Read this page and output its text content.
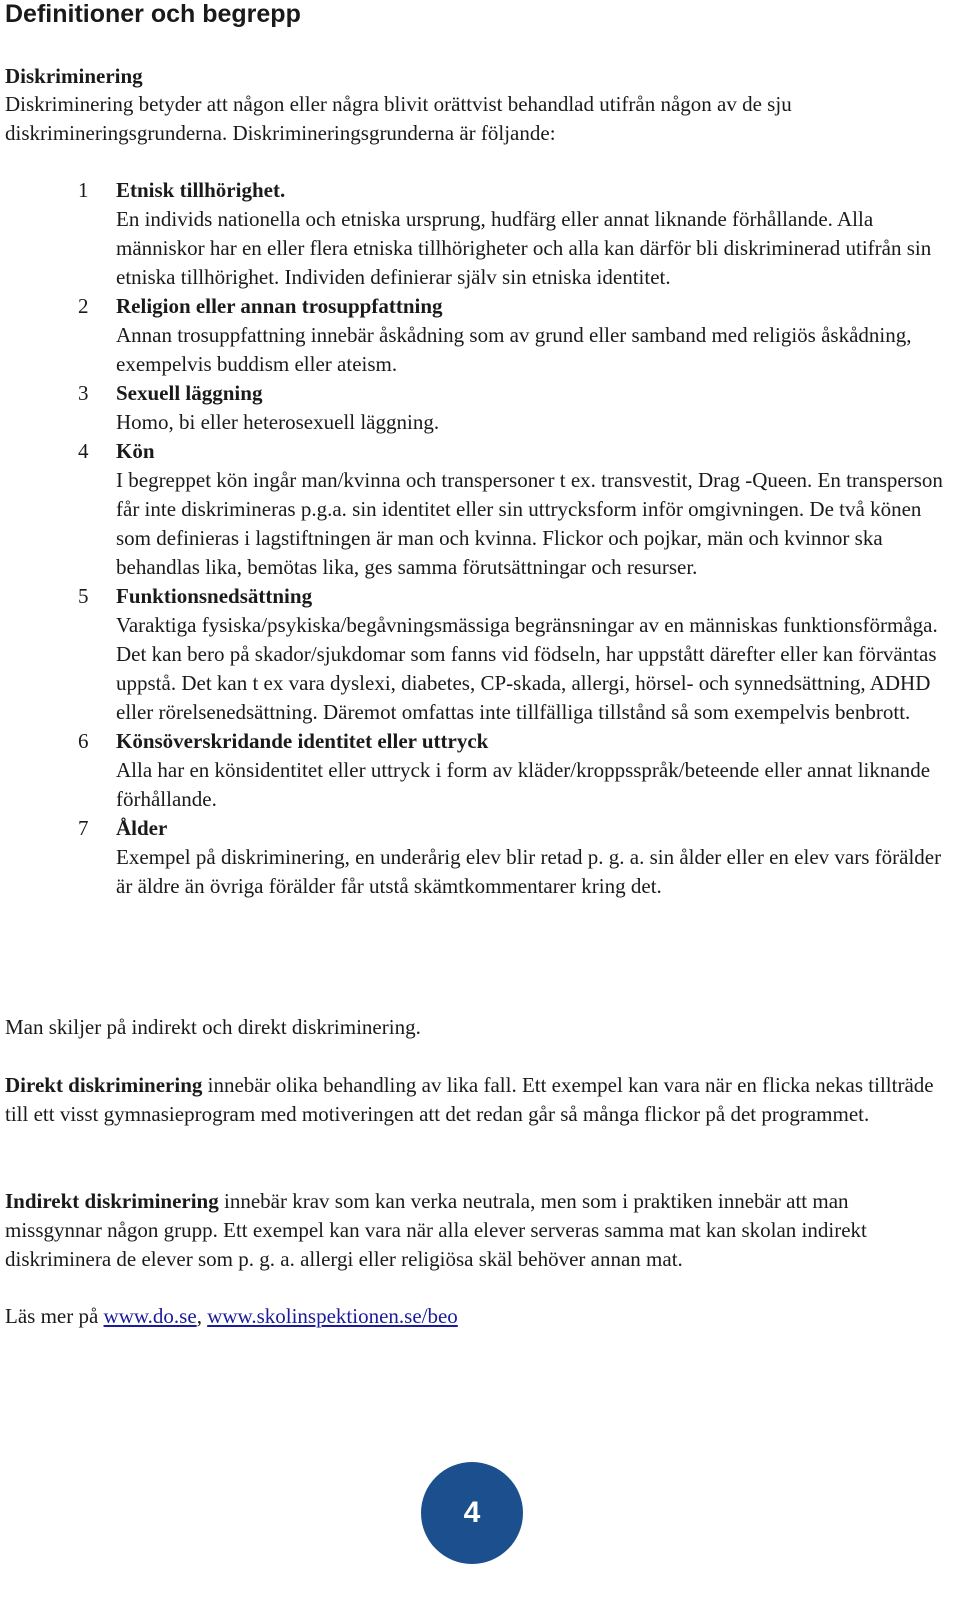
Definitioner och begrepp
Diskriminering
Diskriminering betyder att någon eller några blivit orättvist behandlad utifrån någon av de sju diskrimineringsgrunderna. Diskrimineringsgrunderna är följande:
1	Etnisk tillhörighet.
En individs nationella och etniska ursprung, hudfärg eller annat liknande förhållande. Alla människor har en eller flera etniska tillhörigheter och alla kan därför bli diskriminerad utifrån sin etniska tillhörighet. Individen definierar själv sin etniska identitet.
2	Religion eller annan trosuppfattning
Annan trosuppfattning innebär åskådning som av grund eller samband med religiös åskådning, exempelvis buddism eller ateism.
3	Sexuell läggning
Homo, bi eller heterosexuell läggning.
4	Kön
I begreppet kön ingår man/kvinna och transpersoner t ex. transvestit, Drag -Queen. En transperson får inte diskrimineras p.g.a. sin identitet eller sin uttrycksform inför omgivningen. De två könen som definieras i lagstiftningen är man och kvinna. Flickor och pojkar, män och kvinnor ska behandlas lika, bemötas lika, ges samma förutsättningar och resurser.
5	Funktionsnedsättning
Varaktiga fysiska/psykiska/begåvningsmässiga begränsningar av en människas funktionsförmåga. Det kan bero på skador/sjukdomar som fanns vid födseln, har uppstått därefter eller kan förväntas uppstå. Det kan t ex vara dyslexi, diabetes, CP-skada, allergi, hörsel- och synnedsättning, ADHD eller rörelsenedsättning. Däremot omfattas inte tillfälliga tillstånd så som exempelvis benbrott.
6	Könsöverskridande identitet eller uttryck
Alla har en könsidentitet eller uttryck i form av kläder/kroppsspråk/beteende eller annat liknande förhållande.
7	Ålder
Exempel på diskriminering, en underårig elev blir retad p. g. a. sin ålder eller en elev vars förälder är äldre än övriga förälder får utstå skämtkommentarer kring det.
Man skiljer på indirekt och direkt diskriminering.
Direkt diskriminering innebär olika behandling av lika fall. Ett exempel kan vara när en flicka nekas tillträde till ett visst gymnasieprogram med motiveringen att det redan går så många flickor på det programmet.
Indirekt diskriminering innebär krav som kan verka neutrala, men som i praktiken innebär att man missgynnar någon grupp. Ett exempel kan vara när alla elever serveras samma mat kan skolan indirekt diskriminera de elever som p. g. a. allergi eller religiösa skäl behöver annan mat.
Läs mer på www.do.se, www.skolinspektionen.se/beo
4
